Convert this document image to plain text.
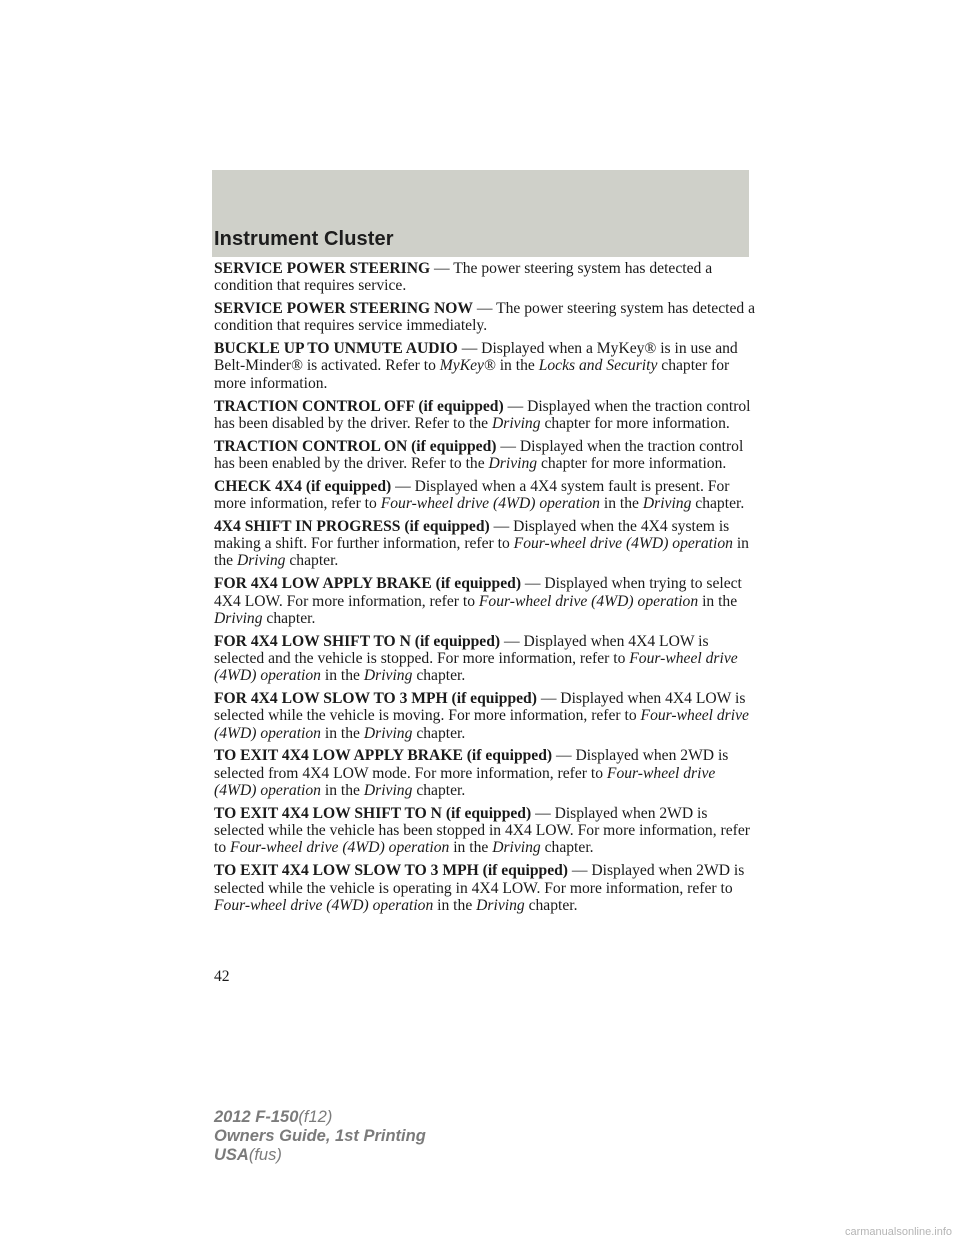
Instrument Cluster

SERVICE POWER STEERING — The power steering system has detected a condition that requires service.

SERVICE POWER STEERING NOW — The power steering system has detected a condition that requires service immediately.

BUCKLE UP TO UNMUTE AUDIO — Displayed when a MyKey® is in use and Belt-Minder® is activated. Refer to MyKey® in the Locks and Security chapter for more information.

TRACTION CONTROL OFF (if equipped) — Displayed when the traction control has been disabled by the driver. Refer to the Driving chapter for more information.

TRACTION CONTROL ON (if equipped) — Displayed when the traction control has been enabled by the driver. Refer to the Driving chapter for more information.

CHECK 4X4 (if equipped) — Displayed when a 4X4 system fault is present. For more information, refer to Four-wheel drive (4WD) operation in the Driving chapter.

4X4 SHIFT IN PROGRESS (if equipped) — Displayed when the 4X4 system is making a shift. For further information, refer to Four-wheel drive (4WD) operation in the Driving chapter.

FOR 4X4 LOW APPLY BRAKE (if equipped) — Displayed when trying to select 4X4 LOW. For more information, refer to Four-wheel drive (4WD) operation in the Driving chapter.

FOR 4X4 LOW SHIFT TO N (if equipped) — Displayed when 4X4 LOW is selected and the vehicle is stopped. For more information, refer to Four-wheel drive (4WD) operation in the Driving chapter.

FOR 4X4 LOW SLOW TO 3 MPH (if equipped) — Displayed when 4X4 LOW is selected while the vehicle is moving. For more information, refer to Four-wheel drive (4WD) operation in the Driving chapter.

TO EXIT 4X4 LOW APPLY BRAKE (if equipped) — Displayed when 2WD is selected from 4X4 LOW mode. For more information, refer to Four-wheel drive (4WD) operation in the Driving chapter.

TO EXIT 4X4 LOW SHIFT TO N (if equipped) — Displayed when 2WD is selected while the vehicle has been stopped in 4X4 LOW. For more information, refer to Four-wheel drive (4WD) operation in the Driving chapter.

TO EXIT 4X4 LOW SLOW TO 3 MPH (if equipped) — Displayed when 2WD is selected while the vehicle is operating in 4X4 LOW. For more information, refer to Four-wheel drive (4WD) operation in the Driving chapter.

42
2012 F-150(f12)
Owners Guide, 1st Printing
USA(fus)
carmanualsonline.info
